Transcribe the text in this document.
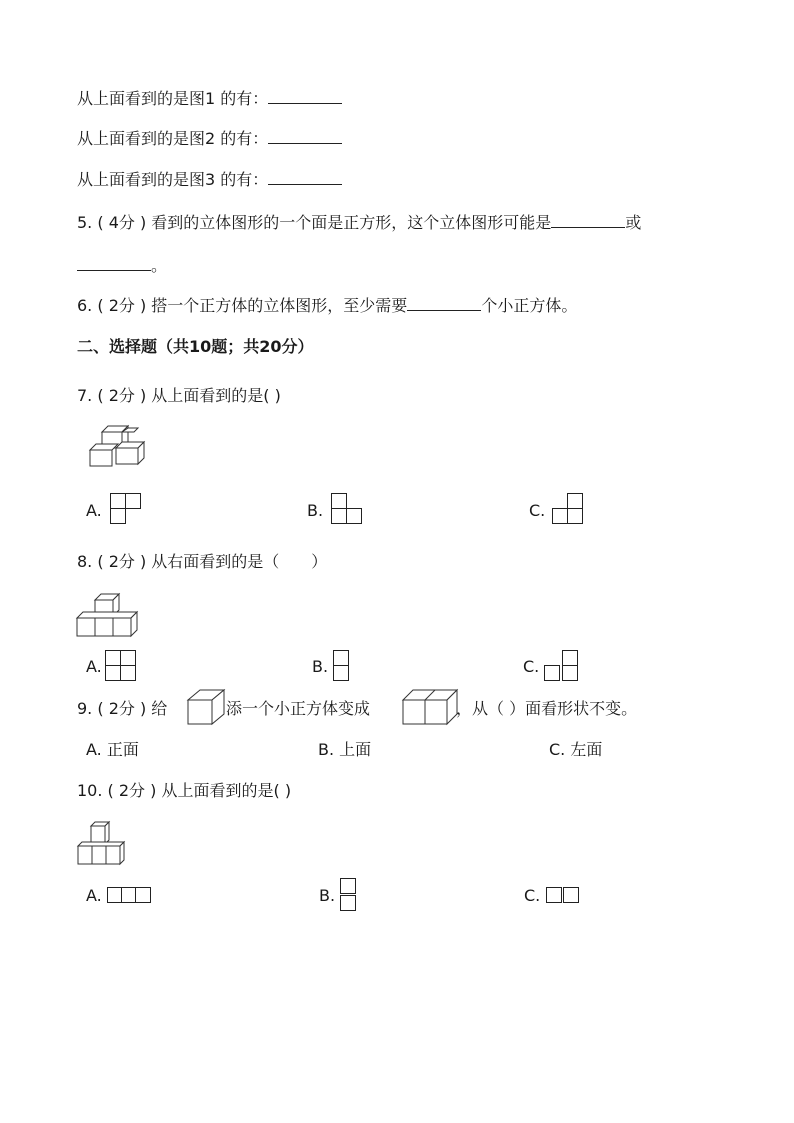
从上面看到的是图1 的有：
从上面看到的是图2 的有：
从上面看到的是图3 的有：
5. ( 4分 ) 看到的立体图形的一个面是正方形，这个立体图形可能是	或
。
6. ( 2分 ) 搭一个正方体的立体图形，至少需要	个小正方体。
二、选择题（共10题；共20分）
7. ( 2分 ) 从上面看到的是( )
A.	B.	C.
8. ( 2分 ) 从右面看到的是（　　）
A.	B.	C.
9. ( 2分 ) 给	添一个小正方体变成	，从（ ）面看形状不变。
A. 正面	B. 上面	C. 左面
10. ( 2分 ) 从上面看到的是( )
A.	B.	C.
